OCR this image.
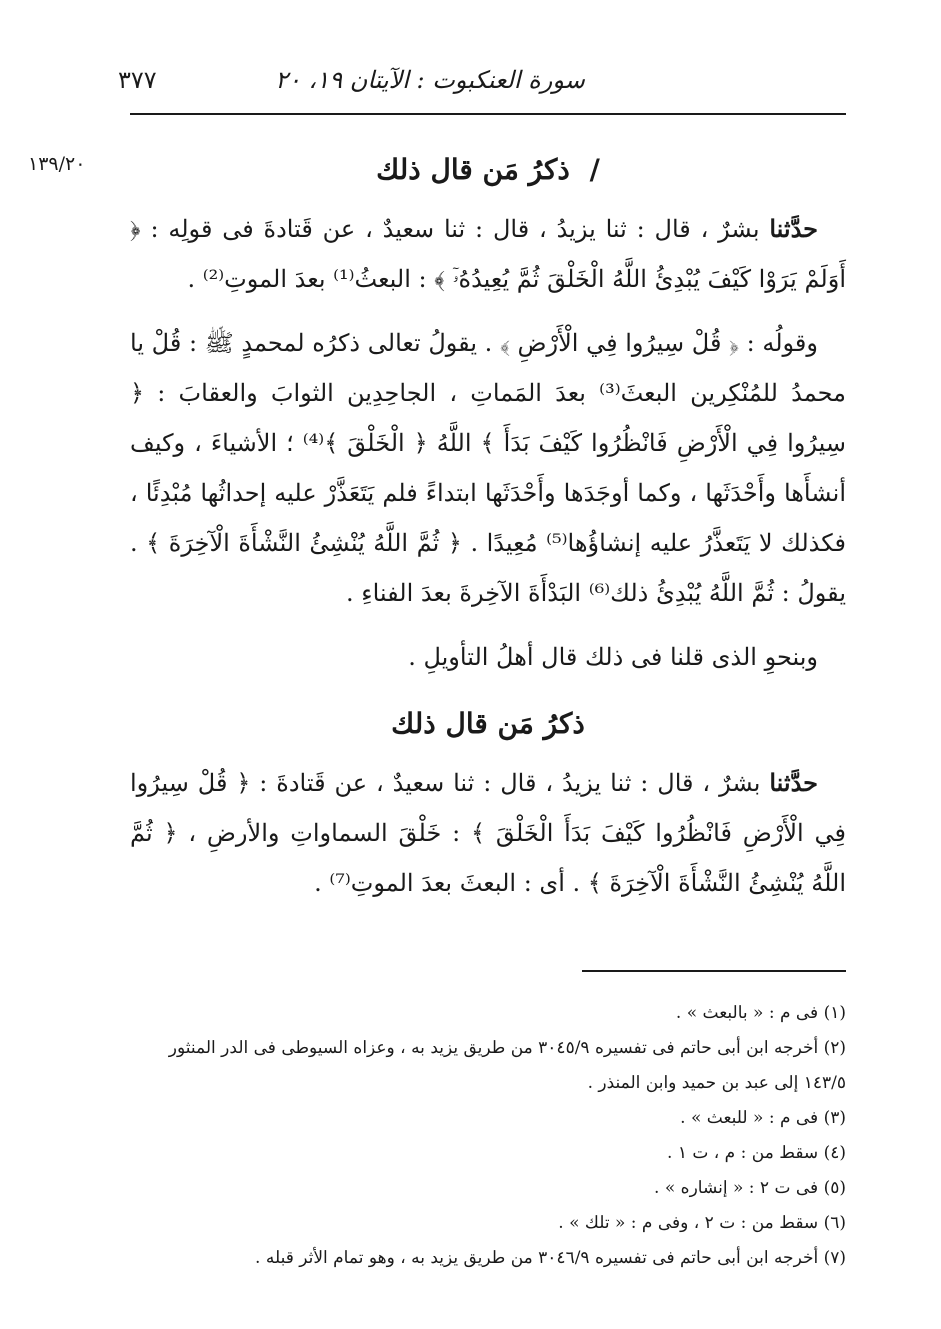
سورة العنكبوت : الآيتان ١٩، ٢٠
٣٧٧
١٣٩/٢٠	/ ذكرُ مَن قال ذلك

حدَّثنا بشرٌ ، قال : ثنا يزيدُ ، قال : ثنا سعيدٌ ، عن قَتادةَ فى قولِه : ﴿ أَوَلَمْ يَرَوْا كَيْفَ يُبْدِئُ اللَّهُ الْخَلْقَ ثُمَّ يُعِيدُهُۥٓ ﴾ : البعثُ⁽¹⁾ بعدَ الموتِ⁽²⁾ .

وقولُه : ﴿ قُلْ سِيرُوا فِي الْأَرْضِ ﴾ . يقولُ تعالى ذكرُه لمحمدٍ ﷺ : قُلْ يا محمدُ للمُنْكِرين البعثَ⁽³⁾ بعدَ المَماتِ ، الجاحِدِين الثوابَ والعقابَ : ﴿ سِيرُوا فِي الْأَرْضِ فَانْظُرُوا كَيْفَ بَدَأَ ﴾ اللَّهُ ﴿ الْخَلْقَ ﴾⁽⁴⁾ ؛ الأشياءَ ، وكيف أنشأَها وأَحْدَثَها ، وكما أوجَدَها وأَحْدَثَها ابتداءً فلم يَتَعَذَّرْ عليه إحداثُها مُبْدِئًا ، فكذلك لا يَتَعذَّرُ عليه إنشاؤُها⁽⁵⁾ مُعِيدًا . ﴿ ثُمَّ اللَّهُ يُنْشِئُ النَّشْأَةَ الْآخِرَةَ ﴾ . يقولُ : ثُمَّ اللَّهُ يُبْدِئُ ذلك⁽⁶⁾ البَدْأَةَ الآخِرةَ بعدَ الفناءِ .

وبنحوِ الذى قلنا فى ذلك قال أهلُ التأويلِ .

ذكرُ مَن قال ذلك

حدَّثنا بشرٌ ، قال : ثنا يزيدُ ، قال : ثنا سعيدٌ ، عن قَتادةَ : ﴿ قُلْ سِيرُوا فِي الْأَرْضِ فَانْظُرُوا كَيْفَ بَدَأَ الْخَلْقَ ﴾ : خَلْقَ السماواتِ والأرضِ ، ﴿ ثُمَّ اللَّهُ يُنْشِئُ النَّشْأَةَ الْآخِرَةَ ﴾ . أى : البعثَ بعدَ الموتِ⁽⁷⁾ .

(١) فى م : « بالبعث » .
(٢) أخرجه ابن أبى حاتم فى تفسيره ٣٠٤٥/٩ من طريق يزيد به ، وعزاه السيوطى فى الدر المنثور ١٤٣/٥ إلى عبد بن حميد وابن المنذر .
(٣) فى م : « للبعث » .
(٤) سقط من : م ، ت ١ .
(٥) فى ت ٢ : « إنشاره » .
(٦) سقط من : ت ٢ ، وفى م : « تلك » .
(٧) أخرجه ابن أبى حاتم فى تفسيره ٣٠٤٦/٩ من طريق يزيد به ، وهو تمام الأثر قبله .
